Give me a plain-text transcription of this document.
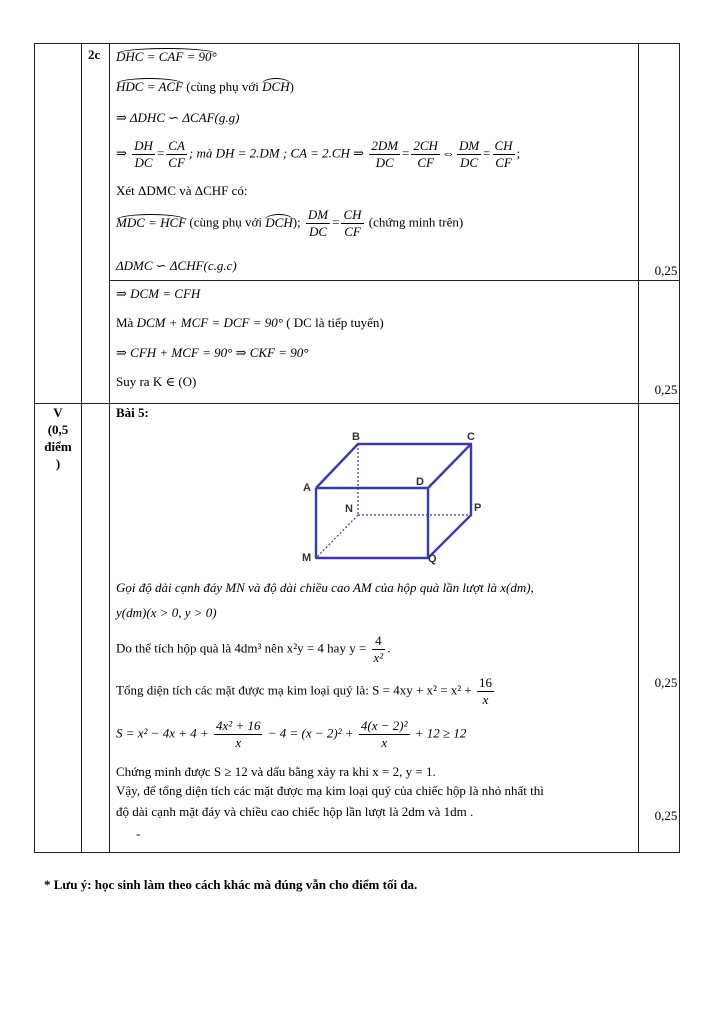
2c DHC = CAF = 90°
HDC = ACF (cùng phụ với DCH)
⇒ ΔDHC ∽ ΔCAF(g.g)
⇒ $\frac{DH}{DC} = \frac{CA}{CF}$ ; mà DH = 2.DM ; CA = 2.CH ⇒ $\frac{2DM}{DC} = \frac{2CH}{CF}$ ⇔ $\frac{DM}{DC} = \frac{CH}{CF}$ ;
Xét ΔDMC và ΔCHF có:
MDC = HCF (cùng phụ với DCH); $\frac{DM}{DC} = \frac{CH}{CF}$ (chứng minh trên)
ΔDMC ∽ ΔCHF(c.g.c)	0,25
⇒ DCM = CFH
Mà DCM + MCF = DCF = 90° ( DC là tiếp tuyến)
⇒ CFH + MCF = 90° ⇒ CKF = 90°
Suy ra K ∈ (O)
0,25
V
(0,5
điểm
)
Bài 5:
B	C
A	D
N	P
M	Q
Gọi độ dài cạnh đáy MN và độ dài chiều cao AM của hộp quà lần lượt là x(dm),
y(dm)(x > 0, y > 0)
Do thể tích hộp quà là 4dm³ nên x²y = 4 hay $y = \frac{4}{\text{x²}}$ .
Tổng diện tích các mặt được mạ kim loại quý là: $S = 4xy + x^2 = x^2 + \frac{16}{x}$	0,25
$S = x^2 - 4x + 4 + \frac{\text{4x² + 16}}{x} - 4 = (x - 2)^2 + \frac{\text{4(x − 2)²}}{x} + 12 \ge 12$
Chứng minh được S ≥ 12 và dấu bằng xảy ra khi x = 2, y = 1.
Vậy, để tổng diện tích các mặt được mạ kim loại quý của chiếc hộp là nhỏ nhất thì
độ dài cạnh mặt đáy và chiều cao chiếc hộp lần lượt là 2dm và 1dm .	0,25
-
* Lưu ý: học sinh làm theo cách khác mà đúng vẫn cho điểm tối đa.
